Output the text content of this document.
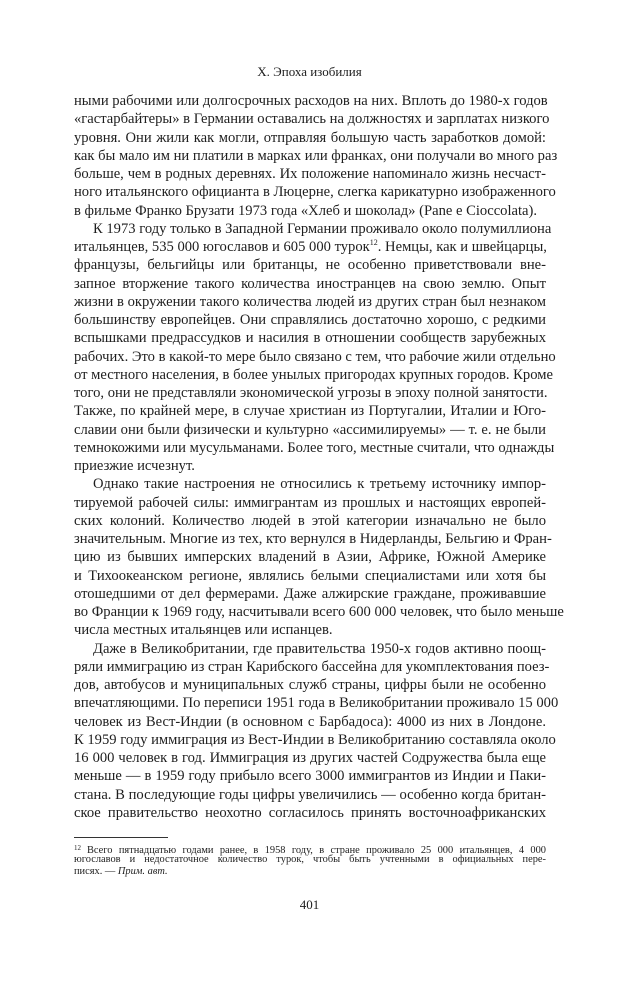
X. Эпоха изобилия
ными рабочими или долгосрочных расходов на них. Вплоть до 1980-х годов
«гастарбайтеры» в Германии оставались на должностях и зарплатах низкого
уровня. Они жили как могли, отправляя большую часть заработков домой:
как бы мало им ни платили в марках или франках, они получали во много раз
больше, чем в родных деревнях. Их положение напоминало жизнь несчаст-
ного итальянского официанта в Люцерне, слегка карикатурно изображенного
в фильме Франко Брузати 1973 года «Хлеб и шоколад» (Pane e Cioccolata).
К 1973 году только в Западной Германии проживало около полумиллиона
итальянцев, 535 000 югославов и 605 000 турок$^{12}$. Немцы, как и швейцарцы,
французы, бельгийцы или британцы, не особенно приветствовали вне-
запное вторжение такого количества иностранцев на свою землю. Опыт
жизни в окружении такого количества людей из других стран был незнаком
большинству европейцев. Они справлялись достаточно хорошо, с редкими
вспышками предрассудков и насилия в отношении сообществ зарубежных
рабочих. Это в какой-то мере было связано с тем, что рабочие жили отдельно
от местного населения, в более унылых пригородах крупных городов. Кроме
того, они не представляли экономической угрозы в эпоху полной занятости.
Также, по крайней мере, в случае христиан из Португалии, Италии и Юго-
славии они были физически и культурно «ассимилируемы» — т. е. не были
темнокожими или мусульманами. Более того, местные считали, что однажды
приезжие исчезнут.
Однако такие настроения не относились к третьему источнику импор-
тируемой рабочей силы: иммигрантам из прошлых и настоящих европей-
ских колоний. Количество людей в этой категории изначально не было
значительным. Многие из тех, кто вернулся в Нидерланды, Бельгию и Фран-
цию из бывших имперских владений в Азии, Африке, Южной Америке
и Тихоокеанском регионе, являлись белыми специалистами или хотя бы
отошедшими от дел фермерами. Даже алжирские граждане, проживавшие
во Франции к 1969 году, насчитывали всего 600 000 человек, что было меньше
числа местных итальянцев или испанцев.
Даже в Великобритании, где правительства 1950-х годов активно поощ-
ряли иммиграцию из стран Карибского бассейна для укомплектования поез-
дов, автобусов и муниципальных служб страны, цифры были не особенно
впечатляющими. По переписи 1951 года в Великобритании проживало 15 000
человек из Вест-Индии (в основном с Барбадоса): 4000 из них в Лондоне.
К 1959 году иммиграция из Вест-Индии в Великобританию составляла около
16 000 человек в год. Иммиграция из других частей Содружества была еще
меньше — в 1959 году прибыло всего 3000 иммигрантов из Индии и Паки-
стана. В последующие годы цифры увеличились — особенно когда британ-
ское правительство неохотно согласилось принять восточноафриканских
$^{12}$ Всего пятнадцатью годами ранее, в 1958 году, в стране проживало 25 000 итальянцев, 4 000
югославов и недостаточное количество турок, чтобы быть учтенными в официальных пере-
писях. — Прим. авт.
401
